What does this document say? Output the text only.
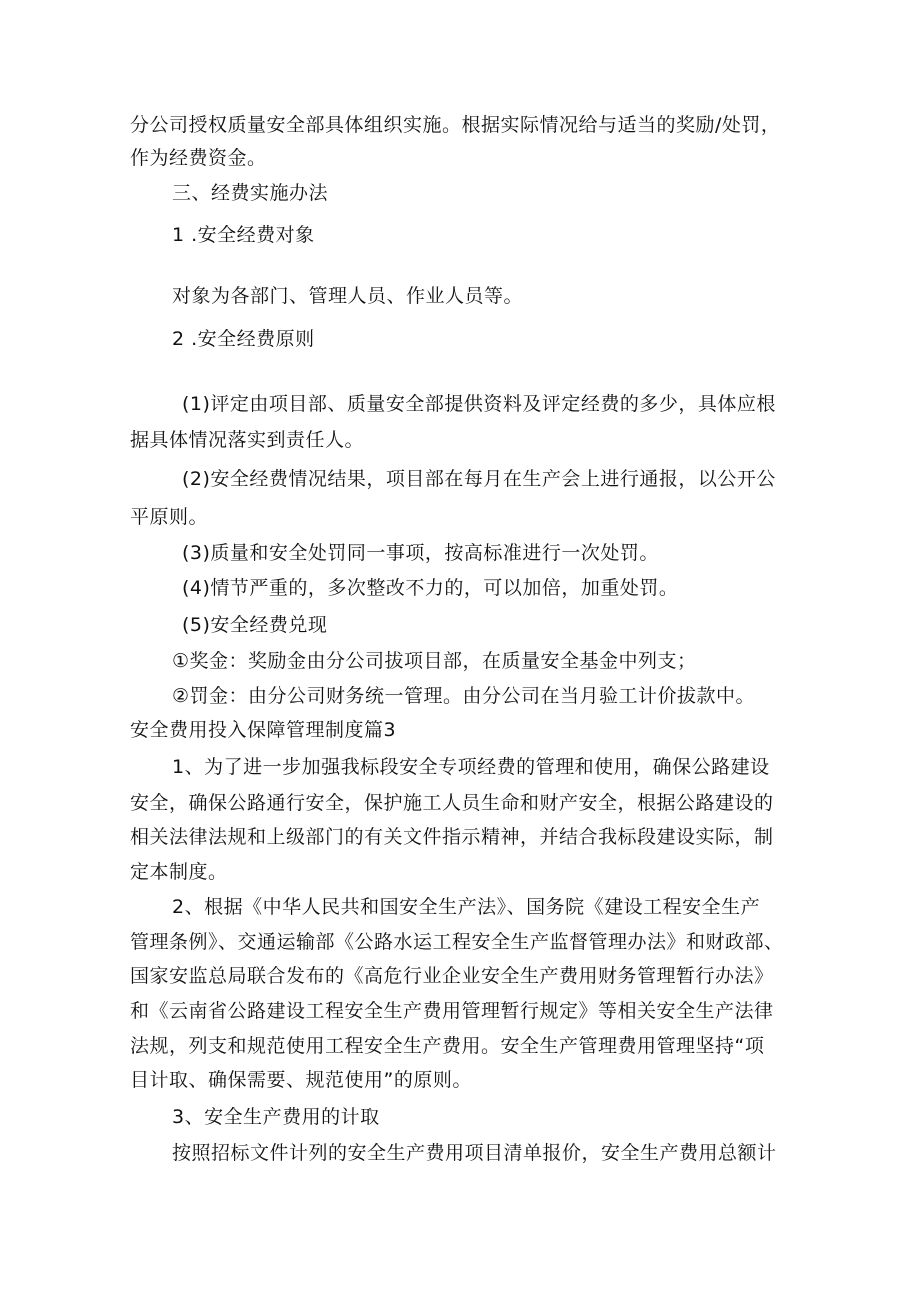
分公司授权质量安全部具体组织实施。根据实际情况给与适当的奖励/处罚，
作为经费资金。
三、经费实施办法
1 .安全经费对象
对象为各部门、管理人员、作业人员等。
2 .安全经费原则
(1)评定由项目部、质量安全部提供资料及评定经费的多少，具体应根
据具体情况落实到责任人。
(2)安全经费情况结果，项目部在每月在生产会上进行通报，以公开公
平原则。
(3)质量和安全处罚同一事项，按高标准进行一次处罚。
(4)情节严重的，多次整改不力的，可以加倍，加重处罚。
(5)安全经费兑现
①奖金：奖励金由分公司拔项目部，在质量安全基金中列支；
②罚金：由分公司财务统一管理。由分公司在当月验工计价拔款中。
安全费用投入保障管理制度篇3
1、为了进一步加强我标段安全专项经费的管理和使用，确保公路建设
安全，确保公路通行安全，保护施工人员生命和财产安全，根据公路建设的
相关法律法规和上级部门的有关文件指示精神，并结合我标段建设实际，制
定本制度。
2、根据《中华人民共和国安全生产法》、国务院《建设工程安全生产
管理条例》、交通运输部《公路水运工程安全生产监督管理办法》和财政部、
国家安监总局联合发布的《高危行业企业安全生产费用财务管理暂行办法》
和《云南省公路建设工程安全生产费用管理暂行规定》等相关安全生产法律
法规，列支和规范使用工程安全生产费用。安全生产管理费用管理坚持“项
目计取、确保需要、规范使用”的原则。
3、安全生产费用的计取
按照招标文件计列的安全生产费用项目清单报价，安全生产费用总额计
